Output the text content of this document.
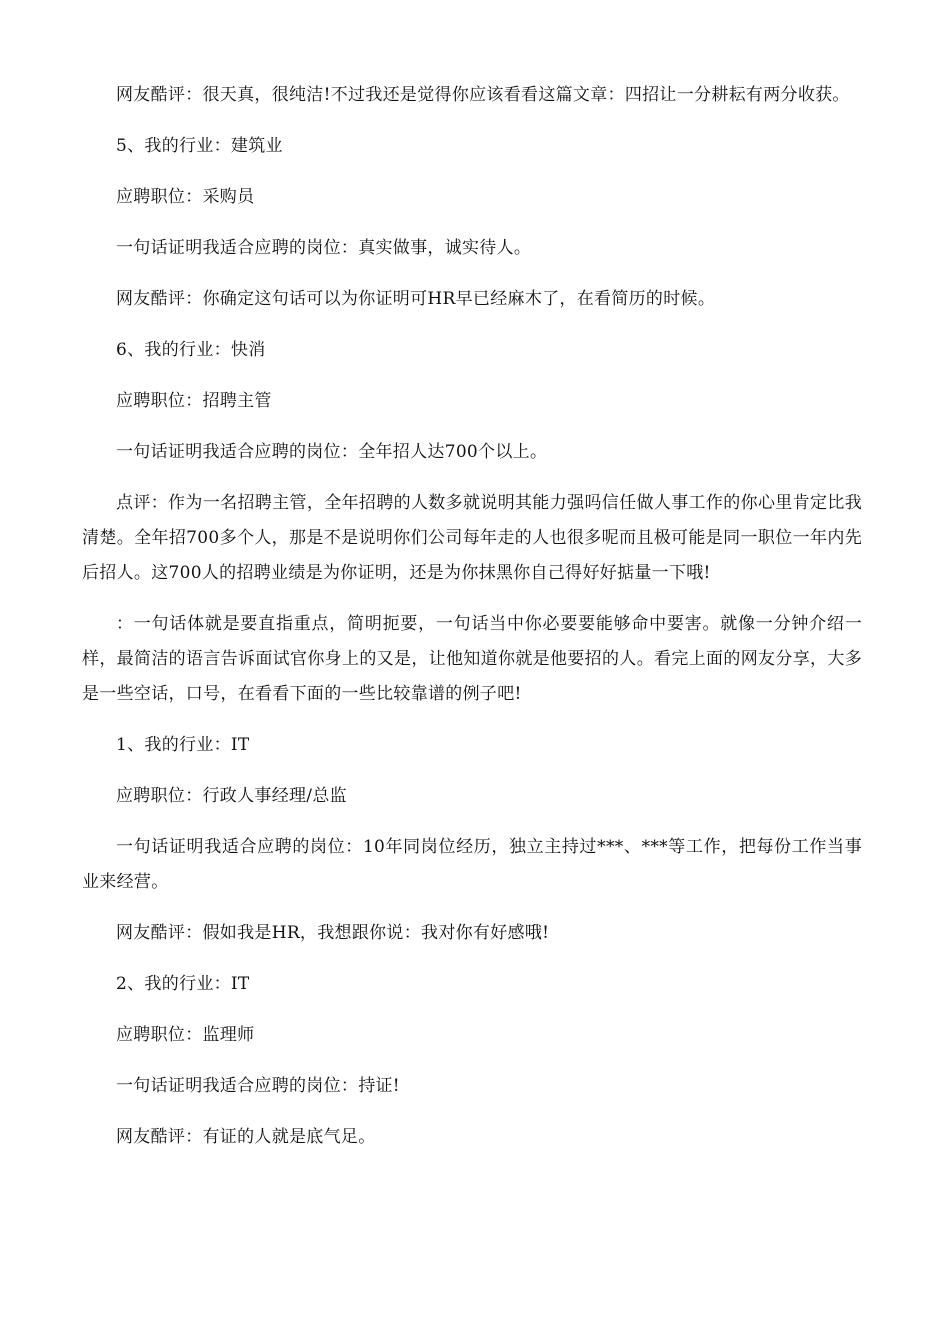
网友酷评：很天真，很纯洁!不过我还是觉得你应该看看这篇文章：四招让一分耕耘有两分收获。

5、我的行业：建筑业

应聘职位：采购员

一句话证明我适合应聘的岗位：真实做事，诚实待人。

网友酷评：你确定这句话可以为你证明可HR早已经麻木了，在看简历的时候。

6、我的行业：快消

应聘职位：招聘主管

一句话证明我适合应聘的岗位：全年招人达700个以上。

点评：作为一名招聘主管，全年招聘的人数多就说明其能力强吗信任做人事工作的你心里肯定比我清楚。全年招700多个人，那是不是说明你们公司每年走的人也很多呢而且极可能是同一职位一年内先后招人。这700人的招聘业绩是为你证明，还是为你抹黑你自己得好好掂量一下哦!

：一句话体就是要直指重点，简明扼要，一句话当中你必要要能够命中要害。就像一分钟介绍一样，最简洁的语言告诉面试官你身上的又是，让他知道你就是他要招的人。看完上面的网友分享，大多是一些空话，口号，在看看下面的一些比较靠谱的例子吧!

1、我的行业：IT

应聘职位：行政人事经理/总监

一句话证明我适合应聘的岗位：10年同岗位经历，独立主持过***、***等工作，把每份工作当事业来经营。

网友酷评：假如我是HR，我想跟你说：我对你有好感哦!

2、我的行业：IT

应聘职位：监理师

一句话证明我适合应聘的岗位：持证!

网友酷评：有证的人就是底气足。
